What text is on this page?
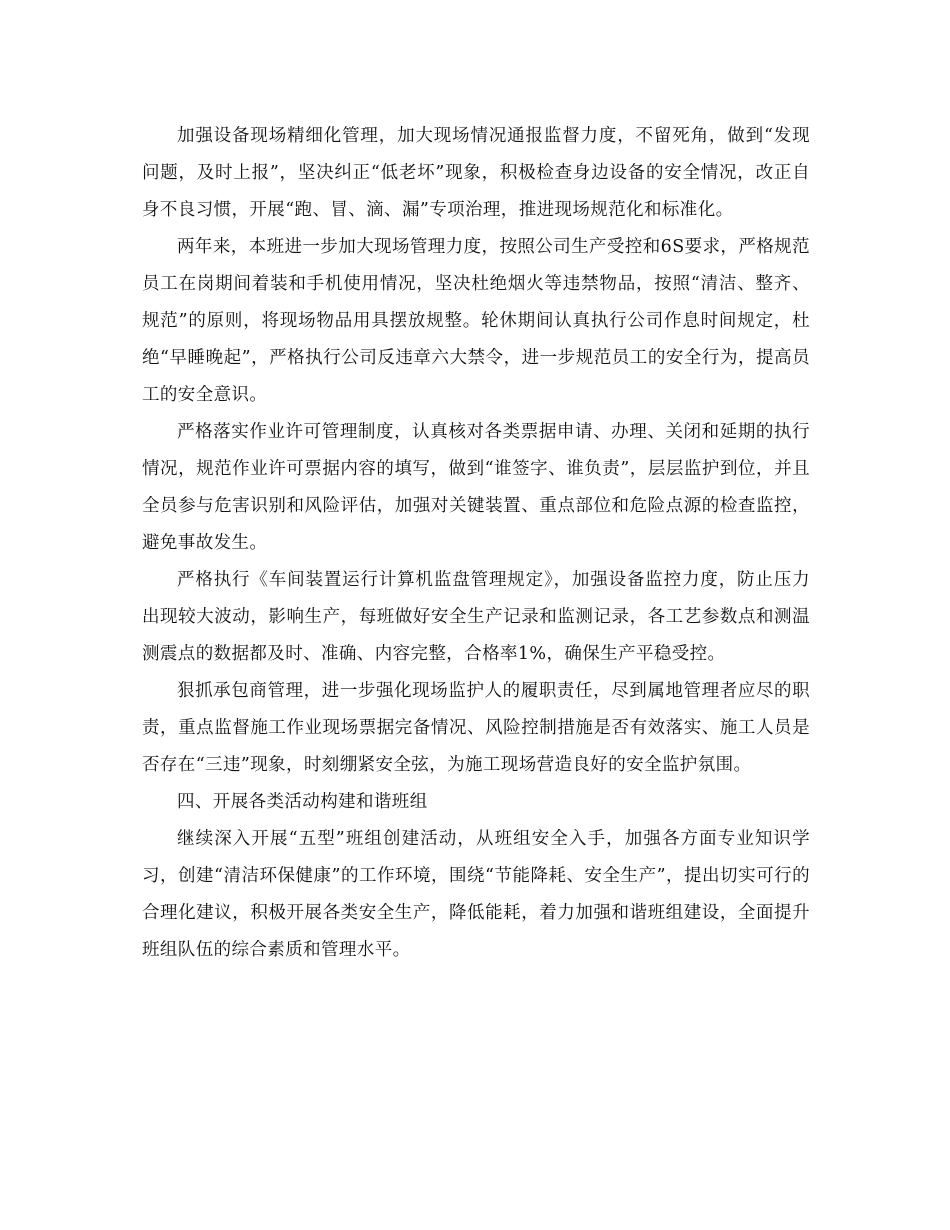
加强设备现场精细化管理，加大现场情况通报监督力度，不留死角，做到“发现问题，及时上报”，坚决纠正“低老坏”现象，积极检查身边设备的安全情况，改正自身不良习惯，开展“跑、冒、滴、漏”专项治理，推进现场规范化和标准化。

两年来，本班进一步加大现场管理力度，按照公司生产受控和6S要求，严格规范员工在岗期间着装和手机使用情况，坚决杜绝烟火等违禁物品，按照“清洁、整齐、规范”的原则，将现场物品用具摆放规整。轮休期间认真执行公司作息时间规定，杜绝“早睡晚起”，严格执行公司反违章六大禁令，进一步规范员工的安全行为，提高员工的安全意识。

严格落实作业许可管理制度，认真核对各类票据申请、办理、关闭和延期的执行情况，规范作业许可票据内容的填写，做到“谁签字、谁负责”，层层监护到位，并且全员参与危害识别和风险评估，加强对关键装置、重点部位和危险点源的检查监控，避免事故发生。

严格执行《车间装置运行计算机监盘管理规定》，加强设备监控力度，防止压力出现较大波动，影响生产，每班做好安全生产记录和监测记录，各工艺参数点和测温测震点的数据都及时、准确、内容完整，合格率1%，确保生产平稳受控。

狠抓承包商管理，进一步强化现场监护人的履职责任，尽到属地管理者应尽的职责，重点监督施工作业现场票据完备情况、风险控制措施是否有效落实、施工人员是否存在“三违”现象，时刻绷紧安全弦，为施工现场营造良好的安全监护氛围。

四、开展各类活动构建和谐班组

继续深入开展“五型”班组创建活动，从班组安全入手，加强各方面专业知识学习，创建“清洁环保健康”的工作环境，围绕“节能降耗、安全生产”，提出切实可行的合理化建议，积极开展各类安全生产，降低能耗，着力加强和谐班组建设，全面提升班组队伍的综合素质和管理水平。
